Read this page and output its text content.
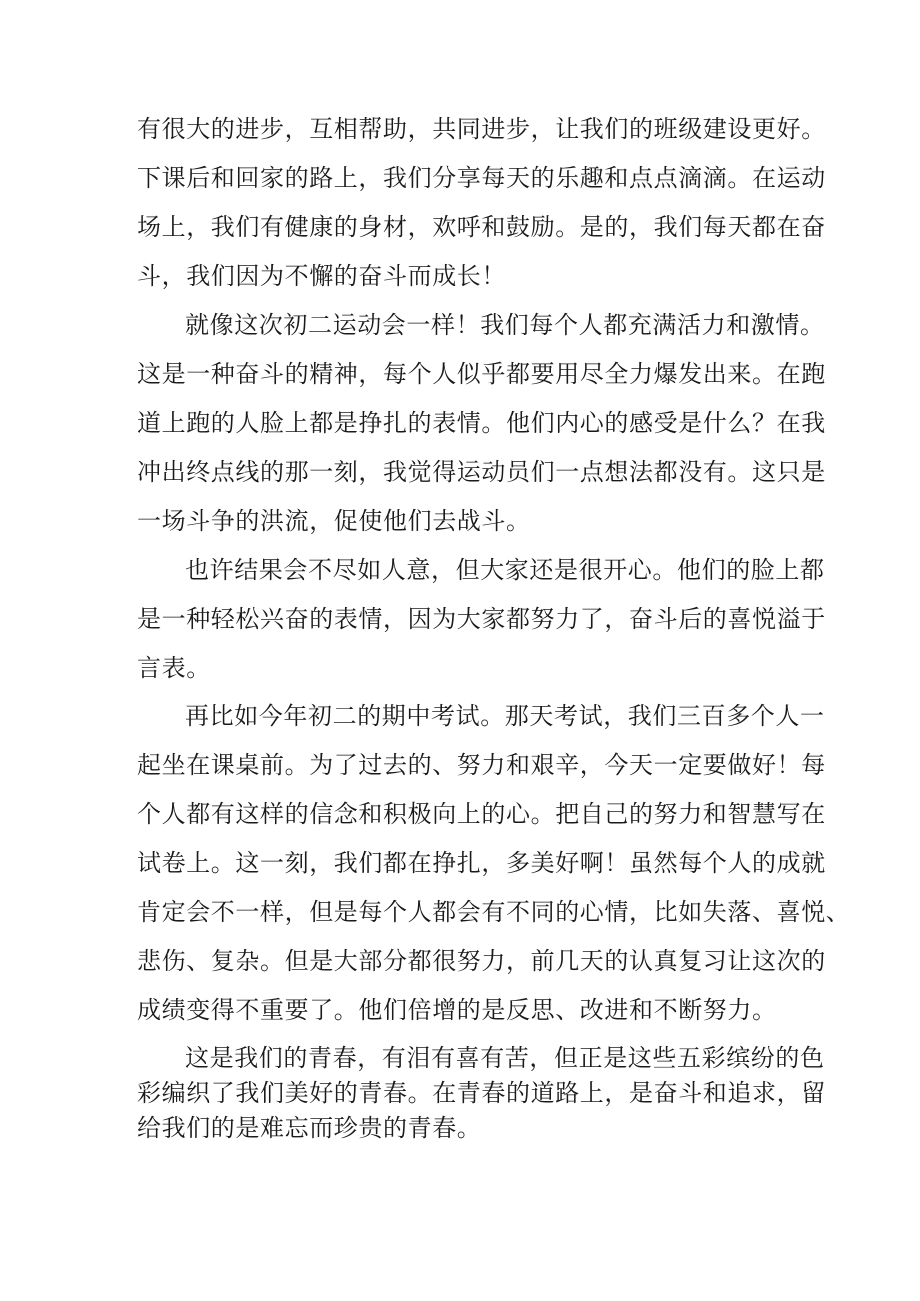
有很大的进步，互相帮助，共同进步，让我们的班级建设更好。
下课后和回家的路上，我们分享每天的乐趣和点点滴滴。在运动
场上，我们有健康的身材，欢呼和鼓励。是的，我们每天都在奋
斗，我们因为不懈的奋斗而成长！
就像这次初二运动会一样！我们每个人都充满活力和激情。
这是一种奋斗的精神，每个人似乎都要用尽全力爆发出来。在跑
道上跑的人脸上都是挣扎的表情。他们内心的感受是什么？在我
冲出终点线的那一刻，我觉得运动员们一点想法都没有。这只是
一场斗争的洪流，促使他们去战斗。
也许结果会不尽如人意，但大家还是很开心。他们的脸上都
是一种轻松兴奋的表情，因为大家都努力了，奋斗后的喜悦溢于
言表。
再比如今年初二的期中考试。那天考试，我们三百多个人一
起坐在课桌前。为了过去的、努力和艰辛，今天一定要做好！每
个人都有这样的信念和积极向上的心。把自己的努力和智慧写在
试卷上。这一刻，我们都在挣扎，多美好啊！虽然每个人的成就
肯定会不一样，但是每个人都会有不同的心情，比如失落、喜悦、
悲伤、复杂。但是大部分都很努力，前几天的认真复习让这次的
成绩变得不重要了。他们倍增的是反思、改进和不断努力。
这是我们的青春，有泪有喜有苦，但正是这些五彩缤纷的色
彩编织了我们美好的青春。在青春的道路上，是奋斗和追求，留
给我们的是难忘而珍贵的青春。
